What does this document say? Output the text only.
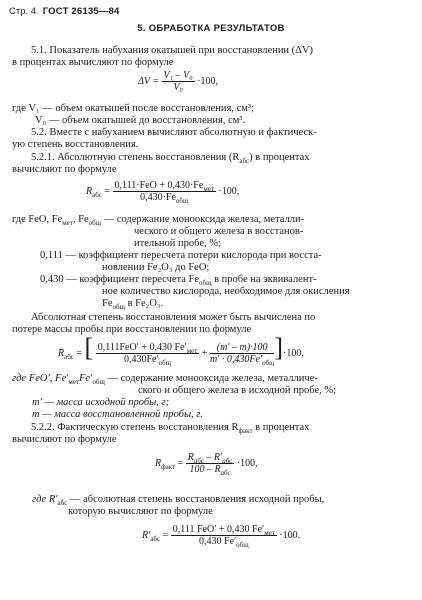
Стр. 4 ГОСТ 26135—84
5. ОБРАБОТКА РЕЗУЛЬТАТОВ
5.1. Показатель набухания окатышей при восстановлении (ΔV)
в процентах вычисляют по формуле
$\Delta V = \frac{\text{V₁ – V₀}}{\text{V₀}} \cdot 100$,
где V₁ — объем окатышей после восстановления, см³;
V₀ — объем окатышей до восстановления, см³.
5.2. Вместе с набуханием вычисляют абсолютную и фактическ-
ую степень восстановления.
5.2.1. Абсолютную степень восстановления $(R_{абс})$ в процентах
вычисляют по формуле
$R_{абс} = \frac{0,111\cdot FeO + 0,430\cdot Fe_{мет}}{0,430\cdot Fe_{общ}} \cdot 100$,
где FeO, $Fe_{мет}$, $Fe_{общ}$ — содержание монооксида железа, металли-
ческого и общего железа в восстанов-
ительной пробе, %;
0,111 — коэффициент пересчета потери кислорода при восста-
новлении Fe₂O₃ до FeO;
0,430 — коэффициент пересчета $Fe_{общ}$ в пробе на эквивалент-
ное количество кислорода, необходимое для окисления
$Fe_{общ}$ в Fe₂O₃.
Абсолютная степень восстановления может быть вычислена по
потере массы пробы при восстановлении по формуле
$R_{абс}$ = [ $\frac{0,111FeO' + 0,430 Fe'_{мет}}{0,430Fe'_{общ}} + \frac{(m' - m)\cdot 100}{m' \cdot 0,430Fe'_{общ}} ]\cdot 100$,
где FeO′, $Fe'_{мет}Fe'_{общ}$ — содержание монооксида железа, металличе-
ского и общего железа в исходной пробе, %;
m′ — масса исходной пробы, г;
m — масса восстановленной пробы, г.
5.2.2. Фактическую степень восстановления $R_{факт}$ в процентах
вычисляют по формуле
$R_{факт} = \frac{R_{абс} - R'_{абс}}{100 - R_{абс}} \cdot 100$,
где $R'_{абс}$ — абсолютная степень восстановления исходной пробы,
которую вычисляют по формуле
$R'_{абс} = \frac{0,111 FeO' + 0,430 Fe'_{мет}}{0,430 Fe'_{общ}} \cdot 100$.
